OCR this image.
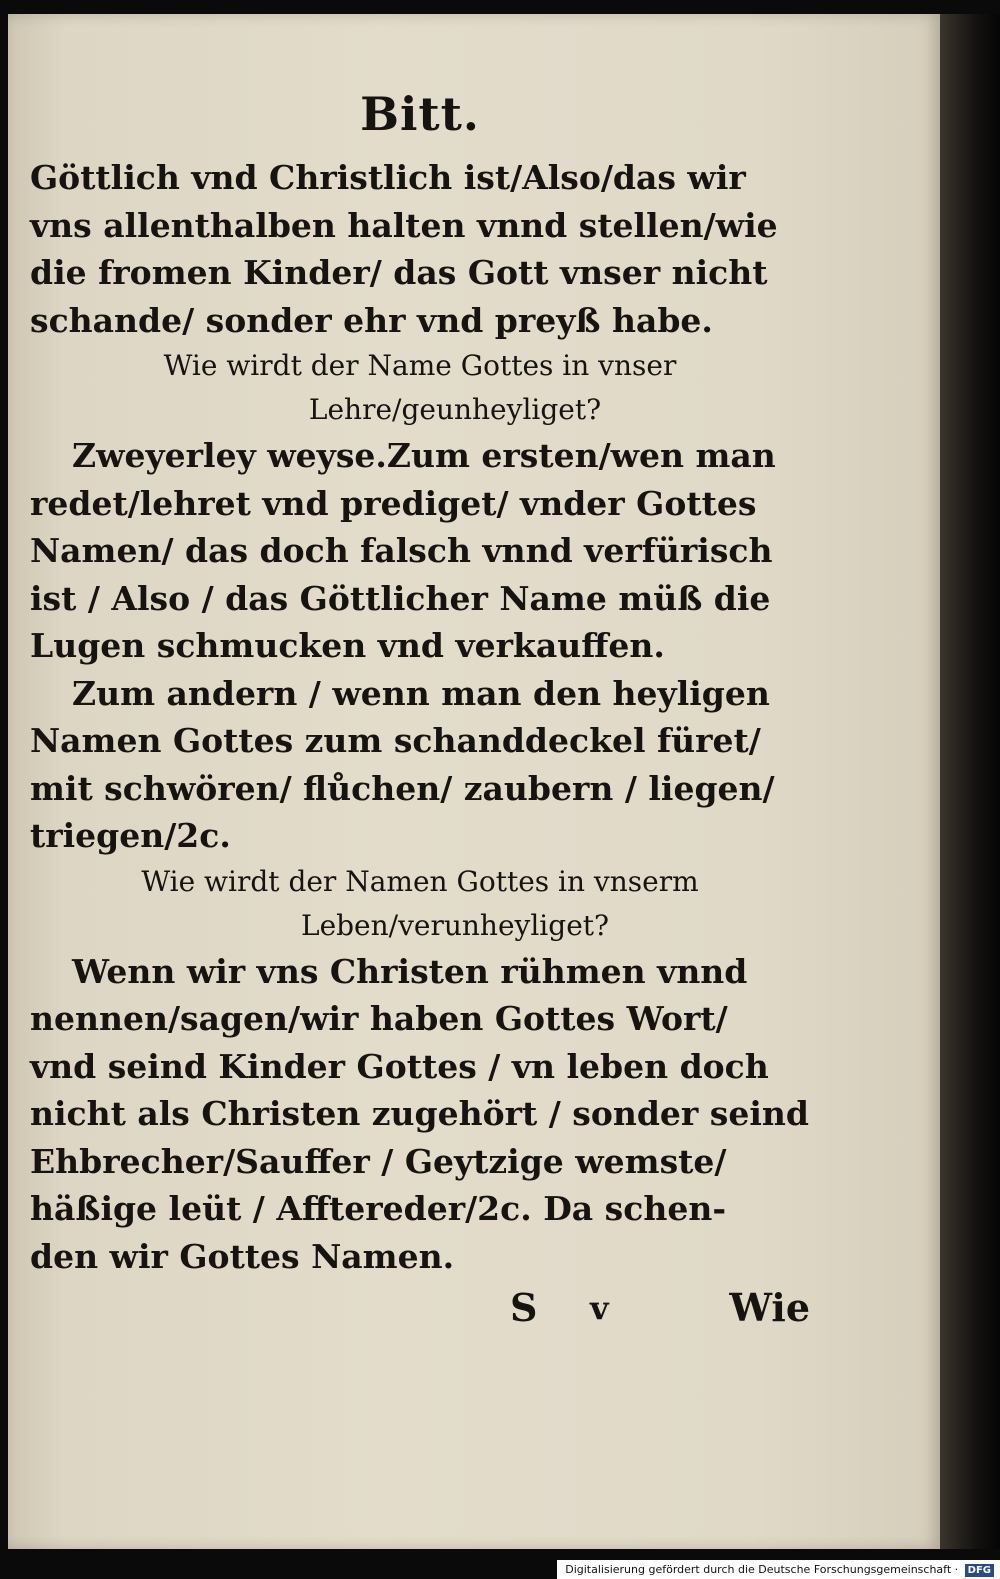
Bitt.
Göttlich vnd Christlich ist/Also/das wir
vns allenthalben halten vnnd stellen/wie
die fromen Kinder/ das Gott vnser nicht
schande/ sonder ehr vnd preyß habe.
Wie wirdt der Name Gottes in vnser
Lehre/geunheyliget?
Zweyerley weyse.Zum ersten/wen man
redet/lehret vnd prediget/ vnder Gottes
Namen/ das doch falsch vnnd verfürisch
ist / Also / das Göttlicher Name müß die
Lugen schmucken vnd verkauffen.
Zum andern / wenn man den heyligen
Namen Gottes zum schanddeckel füret/
mit schwören/ flůchen/ zaubern / liegen/
triegen/2c.
Wie wirdt der Namen Gottes in vnserm
Leben/verunheyliget?
Wenn wir vns Christen rühmen vnnd
nennen/sagen/wir haben Gottes Wort/
vnd seind Kinder Gottes / vn leben doch
nicht als Christen zugehört / sonder seind
Ehbrecher/Sauffer / Geytzige wemste/
häßige leüt / Afftereder/2c. Da schen-
den wir Gottes Namen.
S v	Wie
Digitalisierung gefördert durch die Deutsche Forschungsgemeinschaft · DFG
